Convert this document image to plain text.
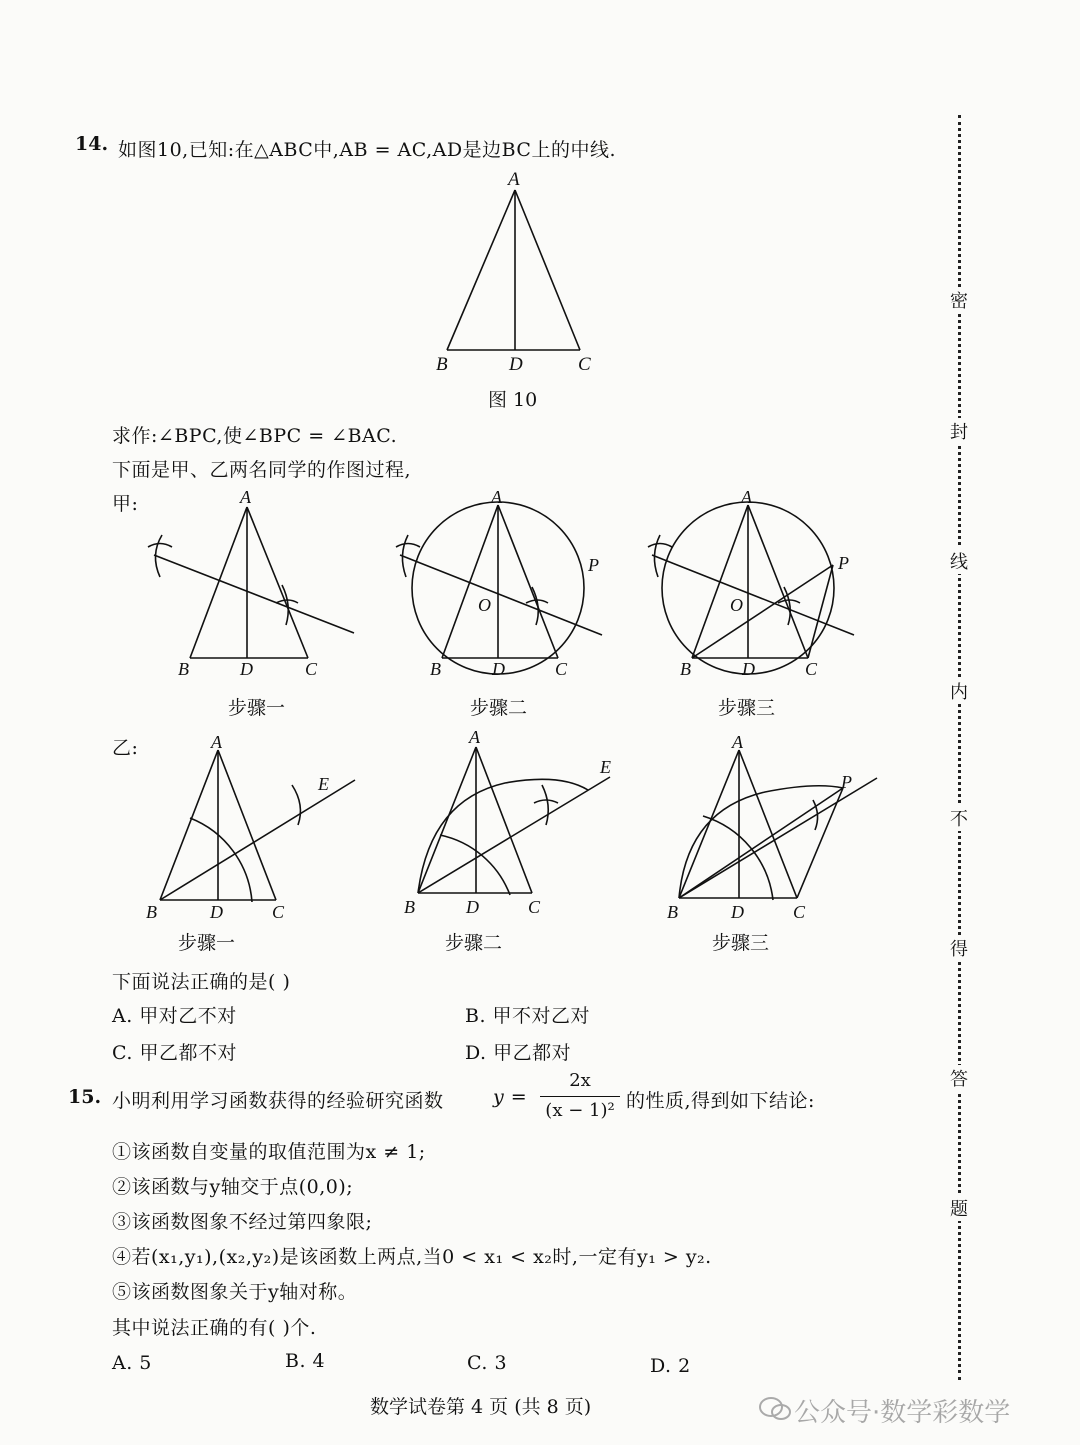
密
封
线
内
不
得
答
题
14. 如图10,已知:在△ABC中,AB = AC,AD是边BC上的中线.
A
B	D	C
图 10
求作:∠BPC,使∠BPC = ∠BAC.
下面是甲、乙两名同学的作图过程,
甲:	A
B	D	C
步骤一
A
B	D	C
O
P
步骤二
A
B	D	C
O
P
步骤三
乙:	A
B	D	C
E
步骤一
A
B	D	C
E
步骤二
A
B	D	C
P
步骤三
下面说法正确的是( )
A. 甲对乙不对	B. 甲不对乙对
C. 甲乙都不对	D. 甲乙都对
15. 小明利用学习函数获得的经验研究函数	y =
2x
(x − 1)² 的性质,得到如下结论:
①该函数自变量的取值范围为x ≠ 1;
②该函数与y轴交于点(0,0);
③该函数图象不经过第四象限;
④若(x₁,y₁),(x₂,y₂)是该函数上两点,当0 < x₁ < x₂时,一定有y₁ > y₂.
⑤该函数图象关于y轴对称。
其中说法正确的有( )个.
A. 5	B. 4	C. 3	D. 2
数学试卷第 4 页 (共 8 页)	公众号·数学彩数学
